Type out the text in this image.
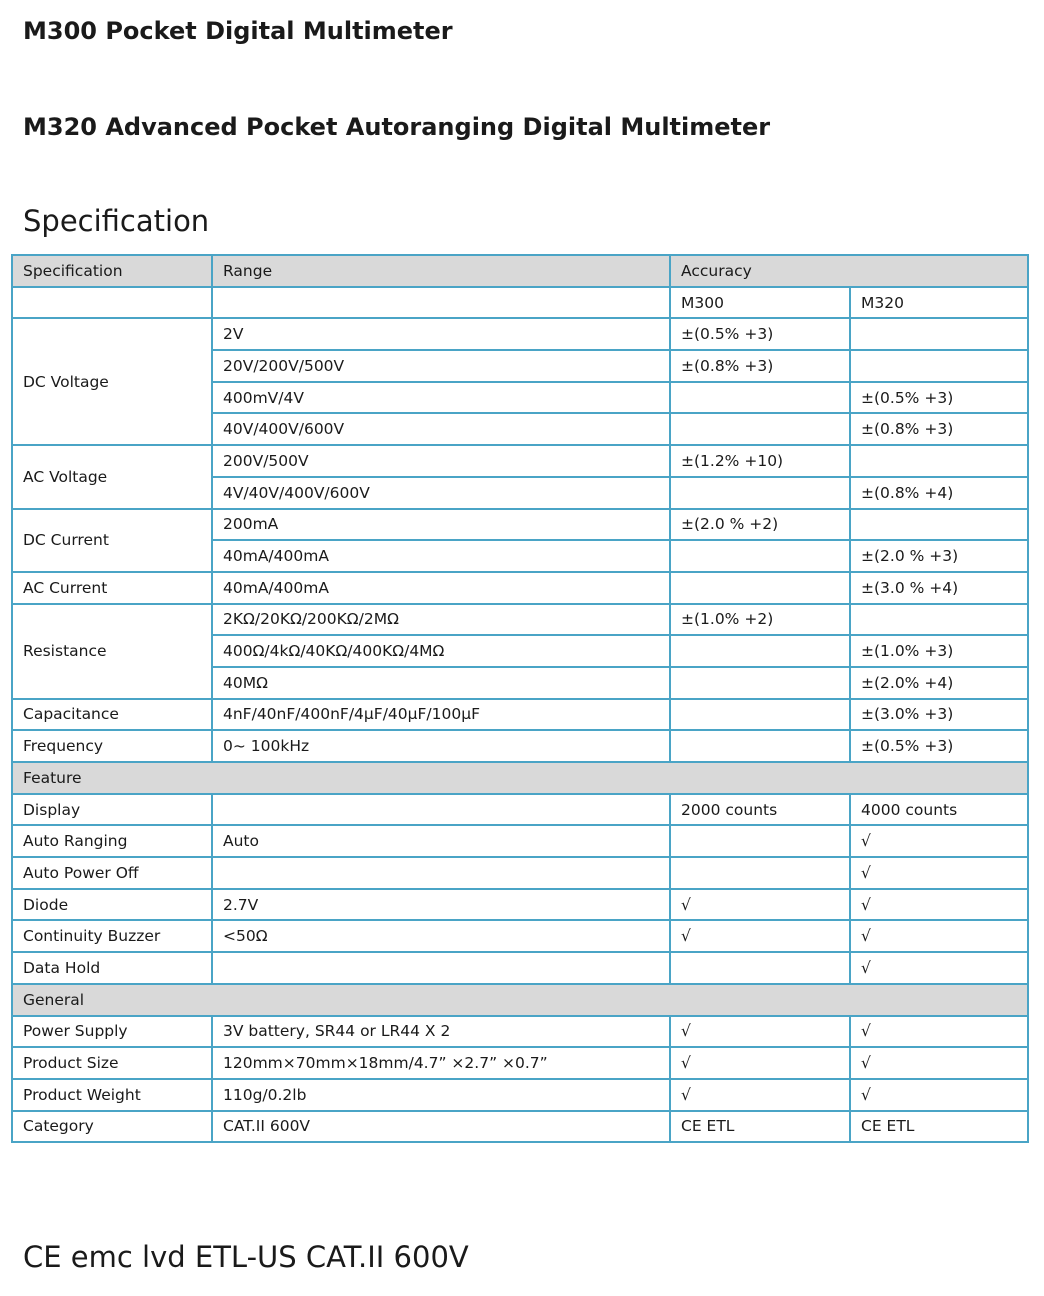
M300 Pocket Digital Multimeter
M320 Advanced Pocket Autoranging Digital Multimeter
Specification
Specification	Range	Accuracy	
		M300	M320
DC Voltage	2V	±(0.5% +3)	
	20V/200V/500V	±(0.8% +3)	
	400mV/4V		±(0.5% +3)
	40V/400V/600V		±(0.8% +3)
AC Voltage	200V/500V	±(1.2% +10)	
	4V/40V/400V/600V		±(0.8% +4)
DC Current	200mA	±(2.0 % +2)	
	40mA/400mA		±(2.0 % +3)
AC Current	40mA/400mA		±(3.0 % +4)
Resistance	2KΩ/20KΩ/200KΩ/2MΩ	±(1.0% +2)	
	400Ω/4kΩ/40KΩ/400KΩ/4MΩ		±(1.0% +3)
	40MΩ		±(2.0% +4)
Capacitance	4nF/40nF/400nF/4µF/40µF/100µF		±(3.0% +3)
Frequency	0~ 100kHz		±(0.5% +3)
Feature			
Display		2000 counts	4000 counts
Auto Ranging	Auto		√
Auto Power Off			√
Diode	2.7V	√	√
Continuity Buzzer	<50Ω	√	√
Data Hold			√
General			
Power Supply	3V battery, SR44 or LR44 X 2	√	√
Product Size	120mm×70mm×18mm/4.7” ×2.7” ×0.7”	√	√
Product Weight	110g/0.2lb	√	√
Category	CAT.II 600V	CE ETL	CE ETL
CE emc lvd ETL-US CAT.II 600V
